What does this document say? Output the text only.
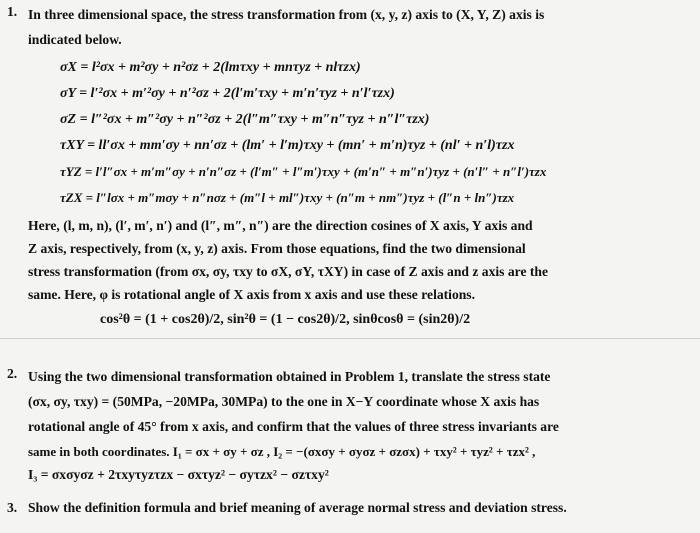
1. In three dimensional space, the stress transformation from (x, y, z) axis to (X, Y, Z) axis is
indicated below.
σX = l²σx + m²σy + n²σz + 2(lmτxy + mnτyz + nlτzx)
σY = l′²σx + m′²σy + n′²σz + 2(l′m′τxy + m′n′τyz + n′l′τzx)
σZ = l″²σx + m″²σy + n″²σz + 2(l″m″τxy + m″n″τyz + n″l″τzx)
τXY = ll′σx + mm′σy + nn′σz + (lm′ + l′m)τxy + (mn′ + m′n)τyz + (nl′ + n′l)τzx
τYZ = l′l″σx + m′m″σy + n′n″σz + (l′m″ + l″m′)τxy + (m′n″ + m″n′)τyz + (n′l″ + n″l′)τzx
τZX = l″lσx + m″mσy + n″nσz + (m″l + ml″)τxy + (n″m + nm″)τyz + (l″n + ln″)τzx
Here, (l, m, n), (l′, m′, n′) and (l″, m″, n″) are the direction cosines of X axis, Y axis and
Z axis, respectively, from (x, y, z) axis. From those equations, find the two dimensional
stress transformation (from σx, σy, τxy to σX, σY, τXY) in case of Z axis and z axis are the
same. Here, φ is rotational angle of X axis from x axis and use these relations.
cos²θ = (1 + cos2θ)/2, sin²θ = (1 − cos2θ)/2, sinθcosθ = (sin2θ)/2
2. Using the two dimensional transformation obtained in Problem 1, translate the stress state
(σx, σy, τxy) = (50MPa, −20MPa, 30MPa) to the one in X−Y coordinate whose X axis has
rotational angle of 45° from x axis, and confirm that the values of three stress invariants are
same in both coordinates. I₁ = σx + σy + σz , I₂ = −(σxσy + σyσz + σzσx) + τxy² + τyz² + τzx² ,
I₃ = σxσyσz + 2τxyτyzτzx − σxτyz² − σyτzx² − σzτxy²
3. Show the definition formula and brief meaning of average normal stress and deviation stress.
